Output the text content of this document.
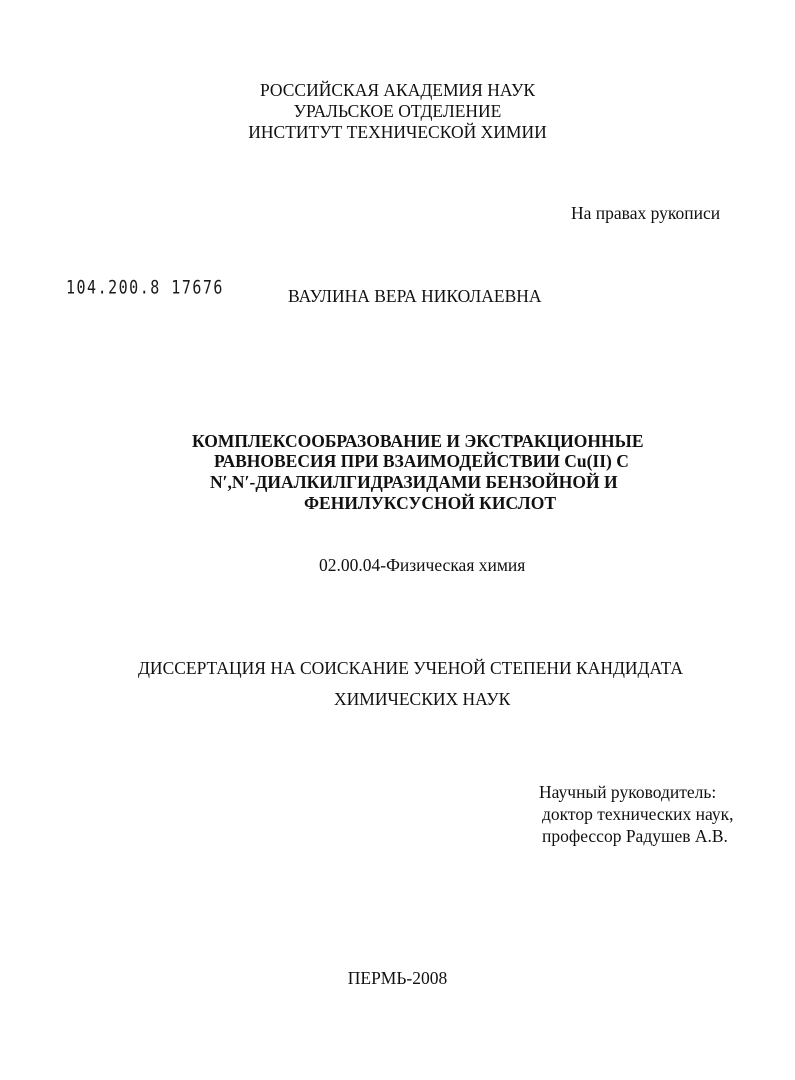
РОССИЙСКАЯ АКАДЕМИЯ НАУК
УРАЛЬСКОЕ ОТДЕЛЕНИЕ
ИНСТИТУТ ТЕХНИЧЕСКОЙ ХИМИИ
На правах рукописи
104.200.8 17676	ВАУЛИНА ВЕРА НИКОЛАЕВНА
КОМПЛЕКСООБРАЗОВАНИЕ И ЭКСТРАКЦИОННЫЕ
РАВНОВЕСИЯ ПРИ ВЗАИМОДЕЙСТВИИ Cu(II) С
N′,N′-ДИАЛКИЛГИДРАЗИДАМИ БЕНЗОЙНОЙ И
ФЕНИЛУКСУСНОЙ КИСЛОТ
02.00.04-Физическая химия
ДИССЕРТАЦИЯ НА СОИСКАНИЕ УЧЕНОЙ СТЕПЕНИ КАНДИДАТА
ХИМИЧЕСКИХ НАУК
Научный руководитель:
доктор технических наук,
профессор Радушев А.В.
ПЕРМЬ-2008
